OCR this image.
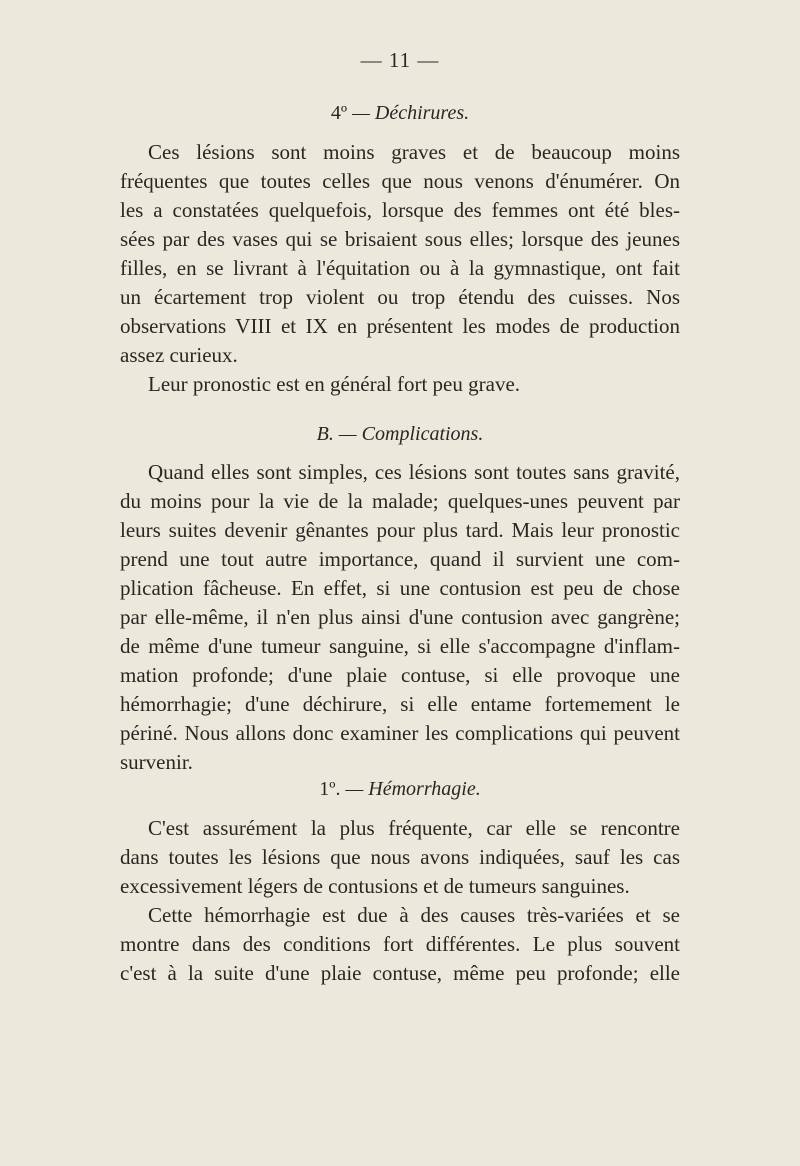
— 11 —
4º — Déchirures.
Ces lésions sont moins graves et de beaucoup moins
fréquentes que toutes celles que nous venons d'énumérer. On
les a constatées quelquefois, lorsque des femmes ont été bles-
sées par des vases qui se brisaient sous elles; lorsque des jeunes
filles, en se livrant à l'équitation ou à la gymnastique, ont fait
un écartement trop violent ou trop étendu des cuisses. Nos
observations VIII et IX en présentent les modes de production
assez curieux.
Leur pronostic est en général fort peu grave.
B. — Complications.
Quand elles sont simples, ces lésions sont toutes sans gravité,
du moins pour la vie de la malade; quelques-unes peuvent par
leurs suites devenir gênantes pour plus tard. Mais leur pronostic
prend une tout autre importance, quand il survient une com-
plication fâcheuse. En effet, si une contusion est peu de chose
par elle-même, il n'en plus ainsi d'une contusion avec gangrène;
de même d'une tumeur sanguine, si elle s'accompagne d'inflam-
mation profonde; d'une plaie contuse, si elle provoque une
hémorrhagie; d'une déchirure, si elle entame fortemement le
périné. Nous allons donc examiner les complications qui peuvent
survenir.
1º. — Hémorrhagie.
C'est assurément la plus fréquente, car elle se rencontre
dans toutes les lésions que nous avons indiquées, sauf les cas
excessivement légers de contusions et de tumeurs sanguines.
Cette hémorrhagie est due à des causes très-variées et se
montre dans des conditions fort différentes. Le plus souvent
c'est à la suite d'une plaie contuse, même peu profonde; elle
